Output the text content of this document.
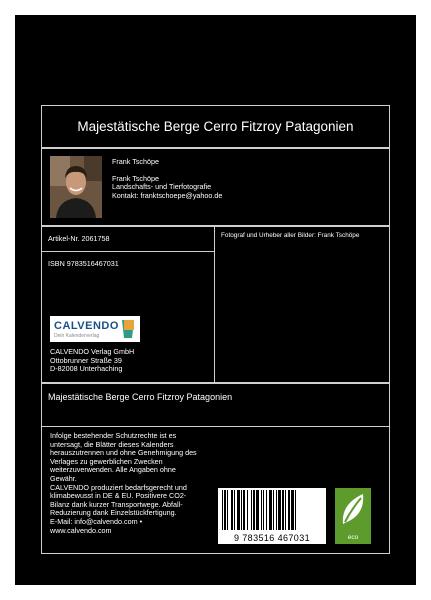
Majestätische Berge Cerro Fitzroy Patagonien
Frank Tschöpe
Frank Tschöpe
Landschafts- und Tierfotografie
Kontakt: franktschoepe@yahoo.de
Artikel-Nr. 2061758	Fotograf und Urheber aller Bilder: Frank Tschöpe
ISBN 9783516467031
CALVENDO
Dein Kalenderverlag
CALVENDO Verlag GmbH
Ottobrunner Straße 39
D-82008 Unterhaching
Majestätische Berge Cerro Fitzroy Patagonien
Infolge bestehender Schutzrechte ist es
untersagt, die Blätter dieses Kalenders
herauszutrennen und ohne Genehmigung des
Verlages zu gewerblichen Zwecken
weiterzuverwenden. Alle Angaben ohne
Gewähr.
CALVENDO produziert bedarfsgerecht und
klimabewusst in DE & EU. Positivere CO2-
Bilanz dank kurzer Transportwege. Abfall-
Reduzierung dank Einzelstückfertigung.
E-Mail: info@calvendo.com •
www.calvendo.com
9 783516 467031	eco
